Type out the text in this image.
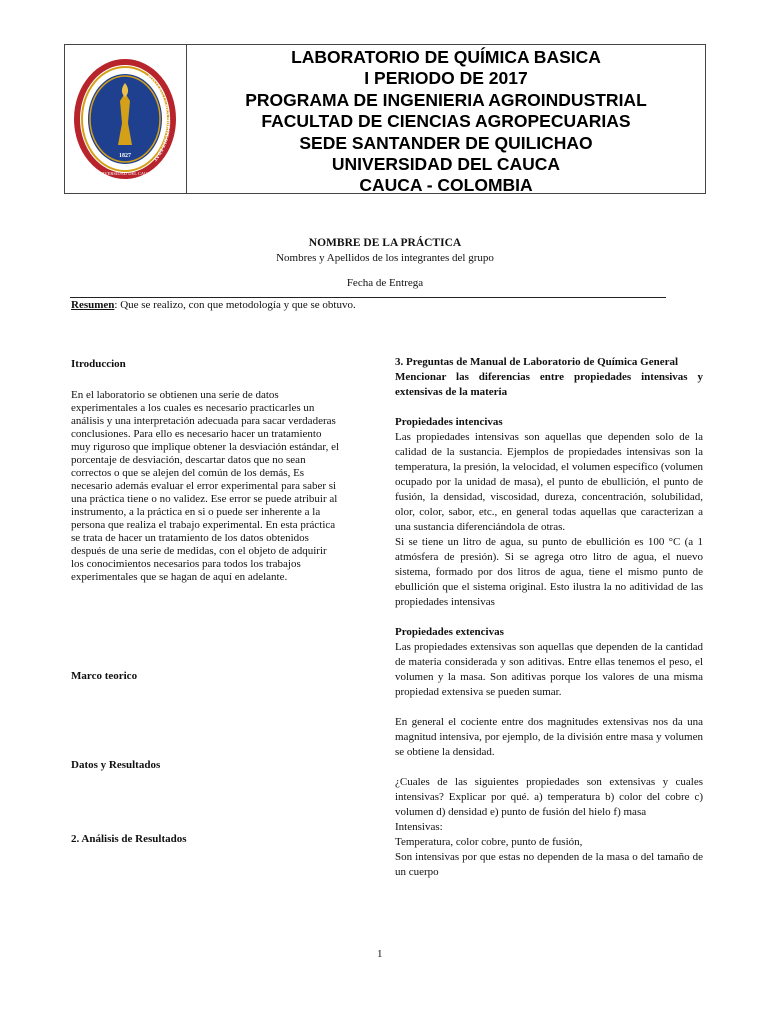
POSTERIS LUMEN MORITURUS EDAT
1827
UNIVERSIDAD DEL CAUCA
LABORATORIO DE QUÍMICA BASICA
I PERIODO DE 2017
PROGRAMA DE INGENIERIA AGROINDUSTRIAL
FACULTAD DE CIENCIAS AGROPECUARIAS
SEDE SANTANDER DE QUILICHAO
UNIVERSIDAD DEL CAUCA
CAUCA - COLOMBIA
NOMBRE DE LA PRÁCTICA
Nombres y Apellidos de los integrantes del grupo
Fecha de Entrega
Resumen: Que se realizo, con que metodología y que se obtuvo.
Itroduccion
En el laboratorio se obtienen una serie de datos
experimentales a los cuales es necesario practicarles un
análisis y una interpretación adecuada para sacar verdaderas
conclusiones. Para ello es necesario hacer un tratamiento
muy riguroso que implique obtener la desviación estándar, el
porcentaje de desviación, descartar datos que no sean
correctos o que se alejen del común de los demás, Es
necesario además evaluar el error experimental para saber si
una práctica tiene o no validez. Ese error se puede atribuir al
instrumento, a la práctica en si o puede ser inherente a la
persona que realiza el trabajo experimental. En esta práctica
se trata de hacer un tratamiento de los datos obtenidos
después de una serie de medidas, con el objeto de adquirir
los conocimientos necesarios para todos los trabajos
experimentales que se hagan de aquí en adelante.
Marco teorico
Datos y Resultados
2. Análisis de Resultados

3. Preguntas de Manual de Laboratorio de Química General

Mencionar las diferencias entre propiedades intensivas y extensivas de la materia

Propiedades intencivas

Las propiedades intensivas son aquellas que dependen solo de la calidad de la sustancia. Ejemplos de propiedades intensivas son la temperatura, la presión, la velocidad, el volumen específico (volumen ocupado por la unidad de masa), el punto de ebullición, el punto de fusión, la densidad, viscosidad, dureza, concentración, solubilidad, olor, color, sabor, etc., en general todas aquellas que caracterizan a una sustancia diferenciándola de otras.

Si se tiene un litro de agua, su punto de ebullición es 100 °C (a 1 atmósfera de presión). Si se agrega otro litro de agua, el nuevo sistema, formado por dos litros de agua, tiene el mismo punto de ebullición que el sistema original. Esto ilustra la no aditividad de las propiedades intensivas

Propiedades extencivas

Las propiedades extensivas son aquellas que dependen de la cantidad de materia considerada y son aditivas. Entre ellas tenemos el peso, el volumen y la masa. Son aditivas porque los valores de una misma propiedad extensiva se pueden sumar.

En general el cociente entre dos magnitudes extensivas nos da una magnitud intensiva, por ejemplo, de la división entre masa y volumen se obtiene la densidad.

¿Cuales de las siguientes propiedades son extensivas y cuales intensivas? Explicar por qué. a) temperatura b) color del cobre c) volumen d) densidad e) punto de fusión del hielo f) masa

Intensivas:

Temperatura, color cobre, punto de fusión,

Son intensivas por que estas no dependen de la masa o del tamaño de un cuerpo

1
